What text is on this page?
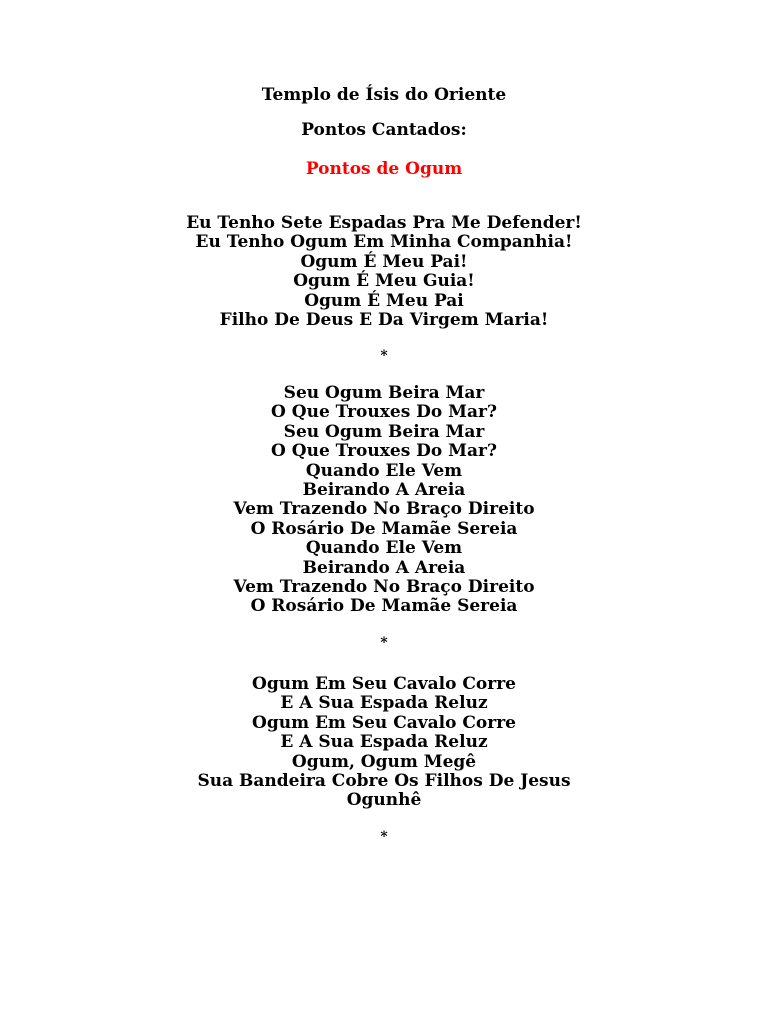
Templo de Ísis do Oriente
Pontos Cantados:
Pontos de Ogum
Eu Tenho Sete Espadas Pra Me Defender!
Eu Tenho Ogum Em Minha Companhia!
Ogum É Meu Pai!
Ogum É Meu Guia!
Ogum É Meu Pai
Filho De Deus E Da Virgem Maria!
*
Seu Ogum Beira Mar
O Que Trouxes Do Mar?
Seu Ogum Beira Mar
O Que Trouxes Do Mar?
Quando Ele Vem
Beirando A Areia
Vem Trazendo No Braço Direito
O Rosário De Mamãe Sereia
Quando Ele Vem
Beirando A Areia
Vem Trazendo No Braço Direito
O Rosário De Mamãe Sereia
*
Ogum Em Seu Cavalo Corre
E A Sua Espada Reluz
Ogum Em Seu Cavalo Corre
E A Sua Espada Reluz
Ogum, Ogum Megê
Sua Bandeira Cobre Os Filhos De Jesus
Ogunhê
*
